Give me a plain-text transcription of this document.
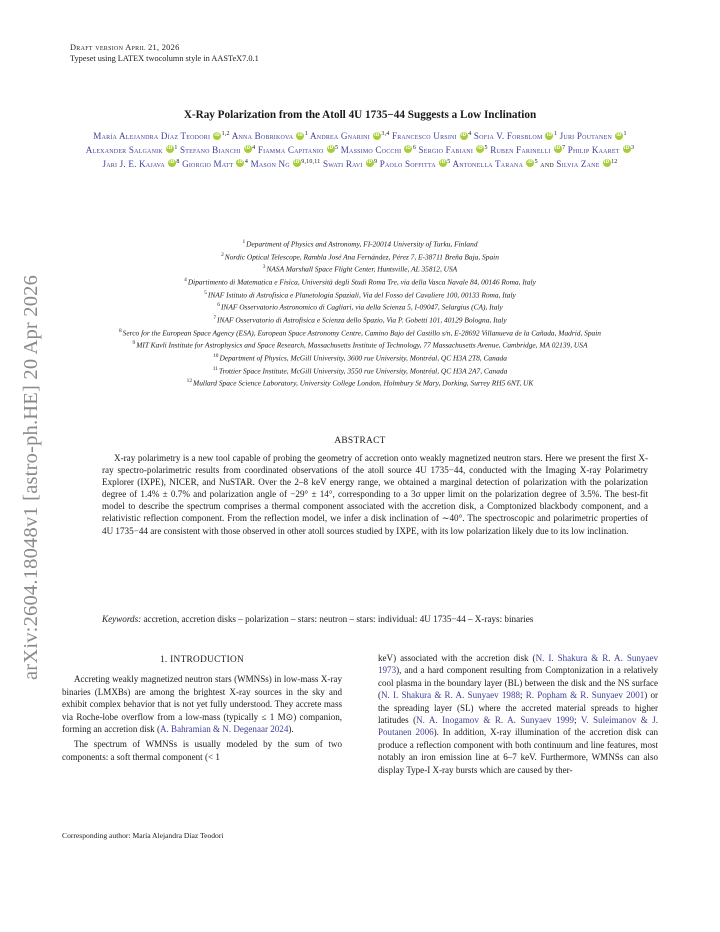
arXiv:2604.18048v1 [astro-ph.HE] 20 Apr 2026
Draft version April 21, 2026
Typeset using LATEX twocolumn style in AASTeX7.0.1
X-Ray Polarization from the Atoll 4U 1735−44 Suggests a Low Inclination
María Alejandra Díaz Teodori iD $^{1,2}$ Anna Bobrikova iD $^1$ Andrea Gnarini iD $^{3,4}$ Francesco Ursini iD $^4$ Sofia V. Forsblom iD $^1$ Juri Poutanen iD $^1$ Alexander Salganik iD $^1$ Stefano Bianchi iD $^4$ Fiamma Capitanio iD $^5$ Massimo Cocchi iD $^6$ Sergio Fabiani iD $^5$ Ruben Farinelli iD $^7$ Philip Kaaret iD $^3$ Jari J. E. Kajava iD $^8$ Giorgio Matt iD $^4$ Mason Ng iD $^{9,10,11}$ Swati Ravi iD $^9$ Paolo Soffitta iD $^5$ Antonella Tarana iD $^5$ and Silvia Zane iD $^{12}$
$^1$Department of Physics and Astronomy, FI-20014 University of Turku, Finland
$^2$Nordic Optical Telescope, Rambla José Ana Fernández, Pérez 7, E-38711 Breña Baja, Spain
$^3$NASA Marshall Space Flight Center, Huntsville, AL 35812, USA
$^4$Dipartimento di Matematica e Fisica, Università degli Studi Roma Tre, via della Vasca Navale 84, 00146 Roma, Italy
$^5$INAF Istituto di Astrofisica e Planetologia Spaziali, Via del Fosso del Cavaliere 100, 00133 Roma, Italy
$^6$INAF Osservatorio Astronomico di Cagliari, via della Scienza 5, I-09047, Selargius (CA), Italy
$^7$INAF Osservatorio di Astrofisica e Scienza dello Spazio, Via P. Gobetti 101, 40129 Bologna, Italy
$^8$Serco for the European Space Agency (ESA), European Space Astronomy Centre, Camino Bajo del Castillo s/n, E-28692 Villanueva de la Cañada, Madrid, Spain
$^9$MIT Kavli Institute for Astrophysics and Space Research, Massachusetts Institute of Technology, 77 Massachusetts Avenue, Cambridge, MA 02139, USA
$^{10}$Department of Physics, McGill University, 3600 rue University, Montréal, QC H3A 2T8, Canada
$^{11}$Trottier Space Institute, McGill University, 3550 rue University, Montréal, QC H3A 2A7, Canada
$^{12}$Mullard Space Science Laboratory, University College London, Holmbury St Mary, Dorking, Surrey RH5 6NT, UK
ABSTRACT
X-ray polarimetry is a new tool capable of probing the geometry of accretion onto weakly magnetized neutron stars. Here we present the first X-ray spectro-polarimetric results from coordinated observations of the atoll source 4U 1735−44, conducted with the Imaging X-ray Polarimetry Explorer (IXPE), NICER, and NuSTAR. Over the 2–8 keV energy range, we obtained a marginal detection of polarization with the polarization degree of 1.4% ± 0.7% and polarization angle of −29° ± 14°, corresponding to a 3σ upper limit on the polarization degree of 3.5%. The best-fit model to describe the spectrum comprises a thermal component associated with the accretion disk, a Comptonized blackbody component, and a relativistic reflection component. From the reflection model, we infer a disk inclination of ∼40°. The spectroscopic and polarimetric properties of 4U 1735−44 are consistent with those observed in other atoll sources studied by IXPE, with its low polarization likely due to its low inclination.
Keywords: accretion, accretion disks – polarization – stars: neutron – stars: individual: 4U 1735−44 – X-rays: binaries
1. INTRODUCTION

Accreting weakly magnetized neutron stars (WMNSs) in low-mass X-ray binaries (LMXBs) are among the brightest X-ray sources in the sky and exhibit complex behavior that is not yet fully understood. They accrete mass via Roche-lobe overflow from a low-mass (typically ≤ 1 M⊙) companion, forming an accretion disk (A. Bahramian & N. Degenaar 2024).

The spectrum of WMNSs is usually modeled by the sum of two components: a soft thermal component (< 1

keV) associated with the accretion disk (N. I. Shakura & R. A. Sunyaev 1973), and a hard component resulting from Comptonization in a relatively cool plasma in the boundary layer (BL) between the disk and the NS surface (N. I. Shakura & R. A. Sunyaev 1988; R. Popham & R. Sunyaev 2001) or the spreading layer (SL) where the accreted material spreads to higher latitudes (N. A. Inogamov & R. A. Sunyaev 1999; V. Suleimanov & J. Poutanen 2006). In addition, X-ray illumination of the accretion disk can produce a reflection component with both continuum and line features, most notably an iron emission line at 6–7 keV. Furthermore, WMNSs can also display Type-I X-ray bursts which are caused by ther-

Corresponding author: María Alejandra Díaz Teodori
